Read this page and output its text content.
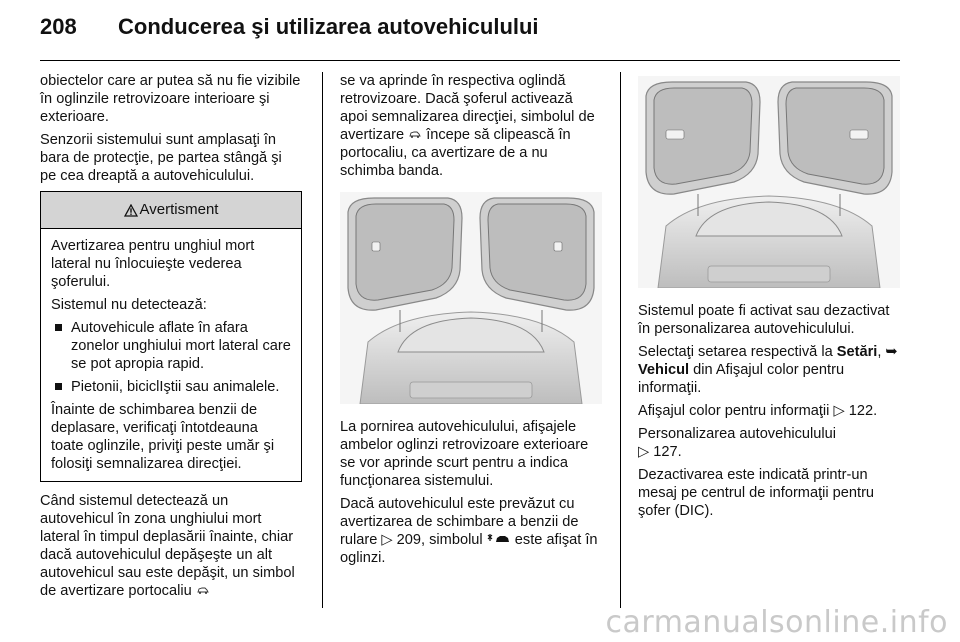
208 Conducerea şi utilizarea autovehiculului

obiectelor care ar putea să nu fie vizibile în oglinzile retrovizoare interioare şi exterioare.

Senzorii sistemului sunt amplasaţi în bara de protecţie, pe partea stângă şi pe cea dreaptă a autovehiculului.

Avertisment

Avertizarea pentru unghiul mort lateral nu înlocuieşte vederea şoferului.

Sistemul nu detectează:

Autovehicule aflate în afara zonelor unghiului mort lateral care se pot apropia rapid.
Pietonii, biciclIştii sau animalele.

Înainte de schimbarea benzii de deplasare, verificaţi întotdeauna toate oglinzile, priviţi peste umăr şi folosiţi semnalizarea direcţiei.

Când sistemul detectează un autovehicul în zona unghiului mort lateral în timpul deplasării înainte, chiar dacă autovehiculul depăşeşte un alt autovehicul sau este depăşit, un simbol de avertizare portocaliu

se va aprinde în respectiva oglindă retrovizoare. Dacă şoferul activează apoi semnalizarea direcţiei, simbolul de avertizare începe să clipească în portocaliu, ca avertizare de a nu schimba banda.

La pornirea autovehiculului, afişajele ambelor oglinzi retrovizoare exterioare se vor aprinde scurt pentru a indica funcţionarea sistemului.

Dacă autovehiculul este prevăzut cu avertizarea de schimbare a benzii de rulare ▷ 209, simbolul este afişat în oglinzi.

Sistemul poate fi activat sau dezactivat în personalizarea autovehiculului.

Selectaţi setarea respectivă la Setări, ➥ Vehicul din Afişajul color pentru informaţii.

Afişajul color pentru informaţii ▷ 122.

Personalizarea autovehiculului
▷ 127.

Dezactivarea este indicată printr-un mesaj pe centrul de informaţii pentru şofer (DIC).

carmanualsonline.info
